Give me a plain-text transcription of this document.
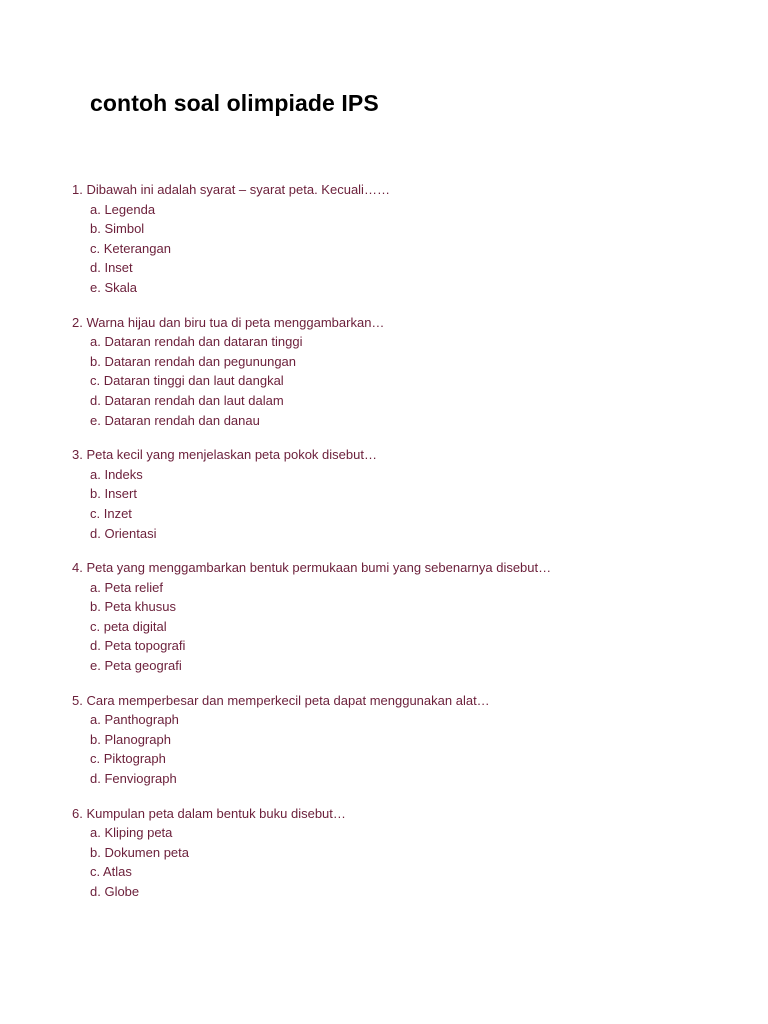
contoh soal olimpiade IPS
1. Dibawah ini adalah syarat – syarat peta. Kecuali……
a. Legenda
b. Simbol
c. Keterangan
d. Inset
e. Skala
2. Warna hijau dan biru tua di peta menggambarkan…
a. Dataran rendah dan dataran tinggi
b. Dataran rendah dan pegunungan
c. Dataran tinggi dan laut dangkal
d. Dataran rendah dan laut dalam
e. Dataran rendah dan danau
3. Peta kecil yang menjelaskan peta pokok disebut…
a. Indeks
b. Insert
c. Inzet
d. Orientasi
4. Peta yang menggambarkan bentuk permukaan bumi yang sebenarnya disebut…
a. Peta relief
b. Peta khusus
c. peta digital
d. Peta topografi
e. Peta geografi
5. Cara memperbesar dan memperkecil peta dapat menggunakan alat…
a. Panthograph
b. Planograph
c. Piktograph
d. Fenviograph
6. Kumpulan peta dalam bentuk buku disebut…
a. Kliping peta
b. Dokumen peta
c. Atlas
d. Globe
